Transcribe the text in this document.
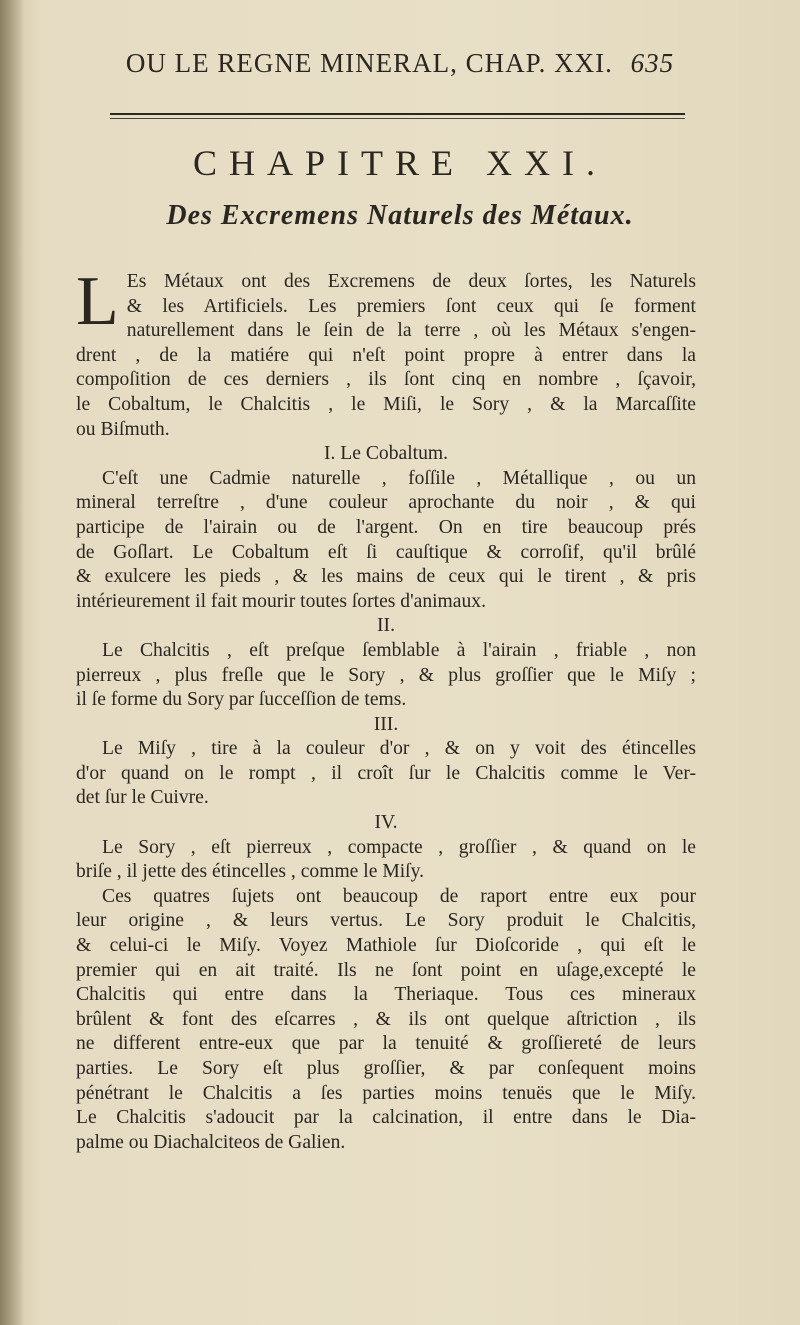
OU LE REGNE MINERAL, CHAP. XXI. 635
CHAPITRE XXI.
Des Excremens Naturels des Métaux.
L Es Métaux ont des Excremens de deux ſortes, les Naturels
& les Artificiels. Les premiers ſont ceux qui ſe forment
naturellement dans le ſein de la terre , où les Métaux s'engen-
drent , de la matiére qui n'eſt point propre à entrer dans la
compoſition de ces derniers , ils ſont cinq en nombre , ſçavoir,
le Cobaltum, le Chalcitis , le Miſi, le Sory , & la Marcaſſite
ou Biſmuth.
I. Le Cobaltum.
C'eſt une Cadmie naturelle , foſſile , Métallique , ou un
mineral terreſtre , d'une couleur aprochante du noir , & qui
participe de l'airain ou de l'argent. On en tire beaucoup prés
de Goſlart. Le Cobaltum eſt ſi cauſtique & corroſif, qu'il brûlé
& exulcere les pieds , & les mains de ceux qui le tirent , & pris
intérieurement il fait mourir toutes ſortes d'animaux.
II.
Le Chalcitis , eſt preſque ſemblable à l'airain , friable , non
pierreux , plus freſle que le Sory , & plus groſſier que le Miſy ;
il ſe forme du Sory par ſucceſſion de tems.
III.
Le Miſy , tire à la couleur d'or , & on y voit des étincelles
d'or quand on le rompt , il croît ſur le Chalcitis comme le Ver-
det ſur le Cuivre.
IV.
Le Sory , eſt pierreux , compacte , groſſier , & quand on le
briſe , il jette des étincelles , comme le Miſy.
Ces quatres ſujets ont beaucoup de raport entre eux pour
leur origine , & leurs vertus. Le Sory produit le Chalcitis,
& celui-ci le Miſy. Voyez Mathiole ſur Dioſcoride , qui eſt le
premier qui en ait traité. Ils ne ſont point en uſage,excepté le
Chalcitis qui entre dans la Theriaque. Tous ces mineraux
brûlent & font des eſcarres , & ils ont quelque aſtriction , ils
ne different entre-eux que par la tenuité & groſſiereté de leurs
parties. Le Sory eſt plus groſſier, & par conſequent moins
pénétrant le Chalcitis a ſes parties moins tenuës que le Miſy.
Le Chalcitis s'adoucit par la calcination, il entre dans le Dia-
palme ou Diachalciteos de Galien.
